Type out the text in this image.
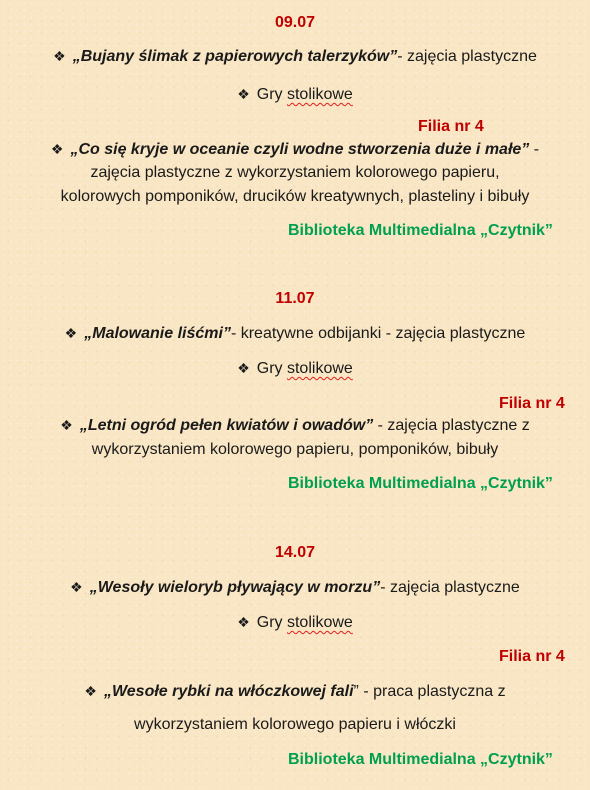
09.07
❖ „Bujany ślimak z papierowych talerzyków”- zajęcia plastyczne
❖ Gry stolikowe
Filia nr 4
❖ „Co się kryje w oceanie czyli wodne stworzenia duże i małe” -
zajęcia plastyczne z wykorzystaniem kolorowego papieru,
kolorowych pomponików, drucików kreatywnych, plasteliny i bibuły
Biblioteka Multimedialna „Czytnik”
11.07
❖ „Malowanie liśćmi”- kreatywne odbijanki - zajęcia plastyczne
❖ Gry stolikowe
Filia nr 4
❖ „Letni ogród pełen kwiatów i owadów” - zajęcia plastyczne z
wykorzystaniem kolorowego papieru, pomponików, bibuły
Biblioteka Multimedialna „Czytnik”
14.07
❖ „Wesoły wieloryb pływający w morzu”- zajęcia plastyczne
❖ Gry stolikowe
Filia nr 4
❖ „Wesołe rybki na włóczkowej fali” - praca plastyczna z
wykorzystaniem kolorowego papieru i włóczki
Biblioteka Multimedialna „Czytnik”
